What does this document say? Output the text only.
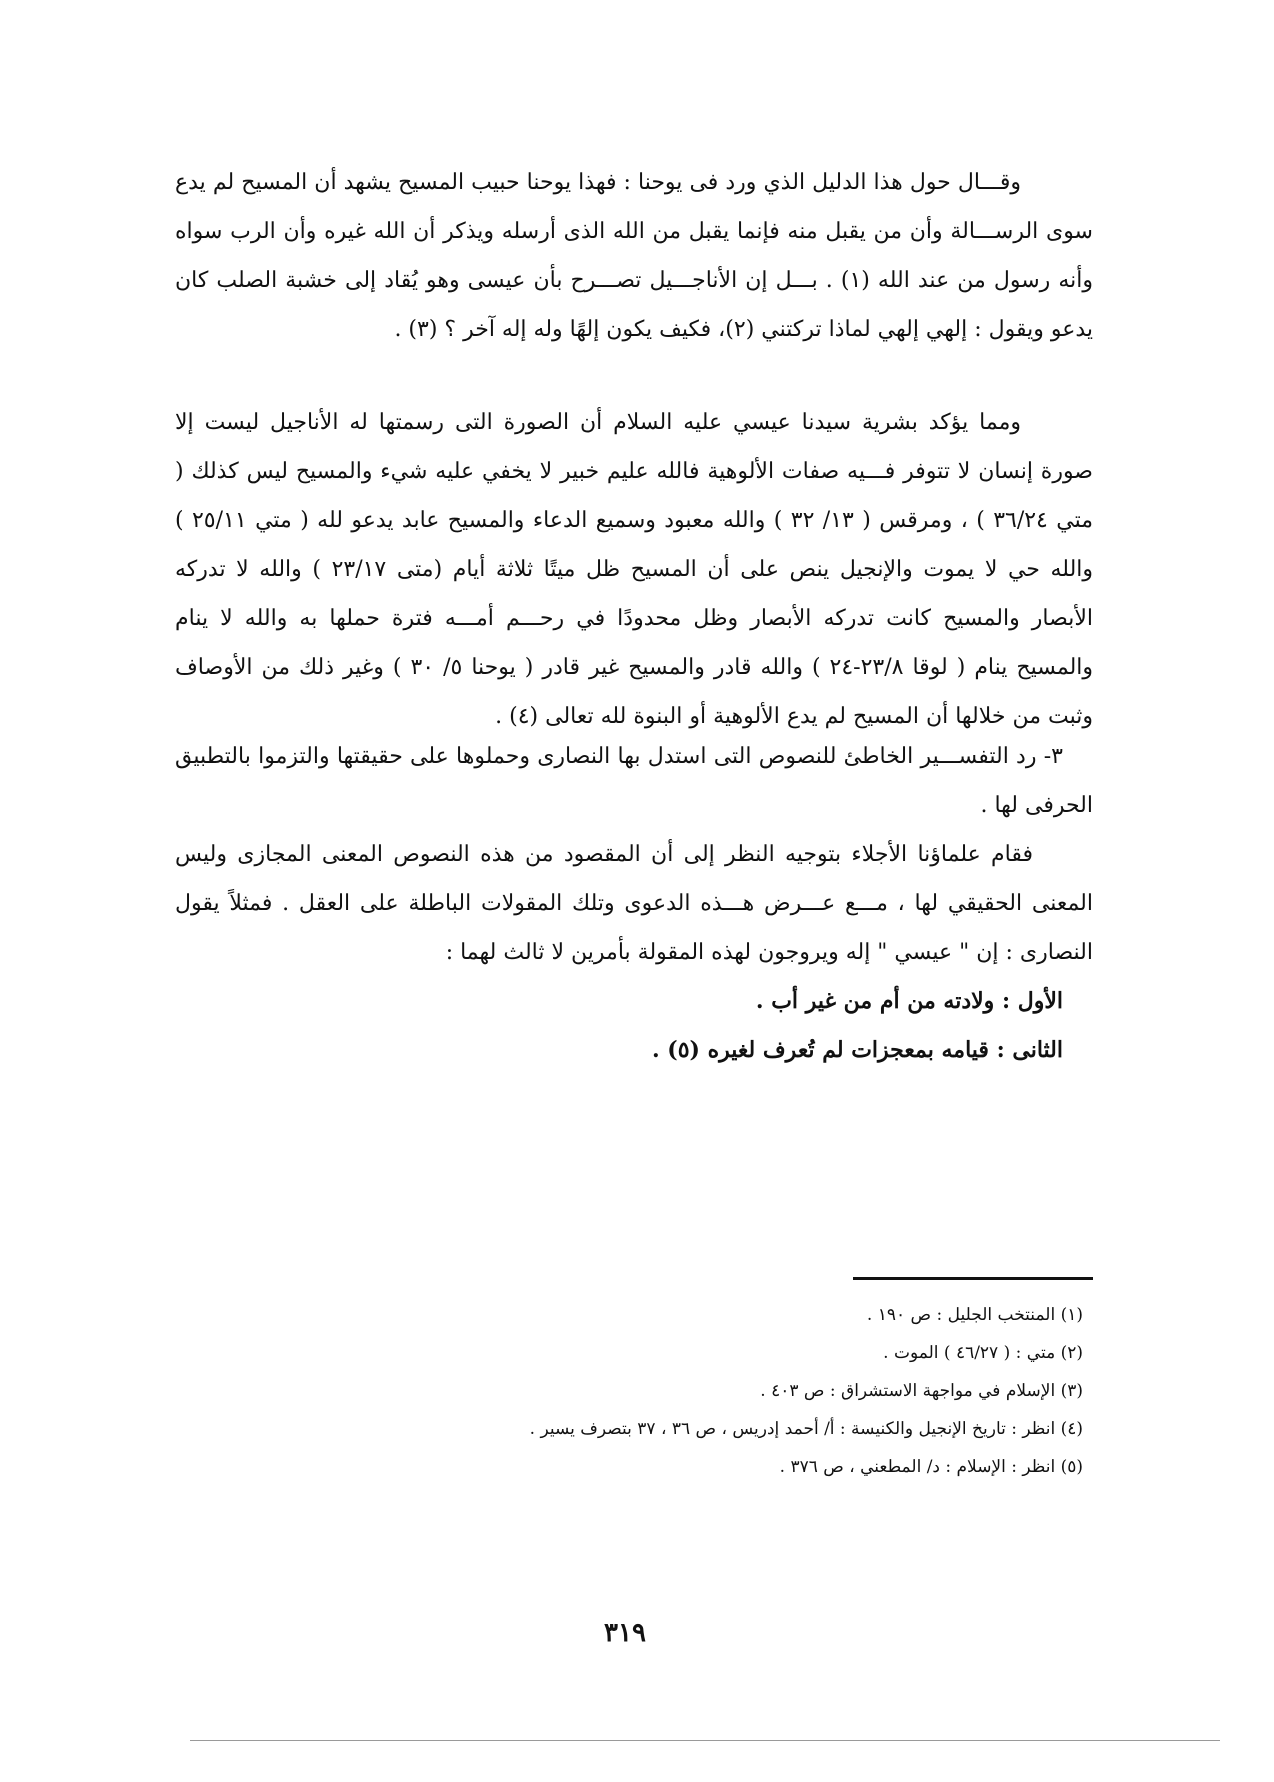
وقـــال حول هذا الدليل الذي ورد فى يوحنا : فهذا يوحنا حبيب المسيح يشهد أن المسيح لم يدع سوى الرســـالة وأن من يقبل منه فإنما يقبل من الله الذى أرسله ويذكر أن الله غيره وأن الرب سواه وأنه رسول من عند الله (١) . بـــل إن الأناجـــيل تصـــرح بأن عيسى وهو يُقاد إلى خشبة الصلب كان يدعو ويقول : إلهي إلهي لماذا تركتني (٢)، فكيف يكون إلهًا وله إله آخر ؟ (٣) .

ومما يؤكد بشرية سيدنا عيسي عليه السلام أن الصورة التى رسمتها له الأناجيل ليست إلا صورة إنسان لا تتوفر فـــيه صفات الألوهية فالله عليم خبير لا يخفي عليه شيء والمسيح ليس كذلك ( متي ٣٦/٢٤ ) ، ومرقس ( ١٣/ ٣٢ ) والله معبود وسميع الدعاء والمسيح عابد يدعو لله ( متي ٢٥/١١ ) والله حي لا يموت والإنجيل ينص على أن المسيح ظل ميتًا ثلاثة أيام (متى ٢٣/١٧ ) والله لا تدركه الأبصار والمسيح كانت تدركه الأبصار وظل محدودًا في رحـــم أمـــه فترة حملها به والله لا ينام والمسيح ينام ( لوقا ٢٣/٨-٢٤ ) والله قادر والمسيح غير قادر ( يوحنا ٥/ ٣٠ ) وغير ذلك من الأوصاف وثبت من خلالها أن المسيح لم يدع الألوهية أو البنوة لله تعالى (٤) .

٣- رد التفســـير الخاطئ للنصوص التى استدل بها النصارى وحملوها على حقيقتها والتزموا بالتطبيق الحرفى لها .

فقام علماؤنا الأجلاء بتوجيه النظر إلى أن المقصود من هذه النصوص المعنى المجازى وليس المعنى الحقيقي لها ، مـــع عـــرض هـــذه الدعوى وتلك المقولات الباطلة على العقل . فمثلاً يقول النصارى : إن " عيسي " إله ويروجون لهذه المقولة بأمرين لا ثالث لهما :

الأول : ولادته من أم من غير أب .

الثانى : قيامه بمعجزات لم تُعرف لغيره (٥) .

(١) المنتخب الجليل : ص ١٩٠ .

(٢) متي : ( ٤٦/٢٧ ) الموت .

(٣) الإسلام في مواجهة الاستشراق : ص ٤٠٣ .

(٤) انظر : تاريخ الإنجيل والكنيسة : أ/ أحمد إدريس ، ص ٣٦ ، ٣٧ بتصرف يسير .

(٥) انظر : الإسلام : د/ المطعني ، ص ٣٧٦ .

٣١٩
